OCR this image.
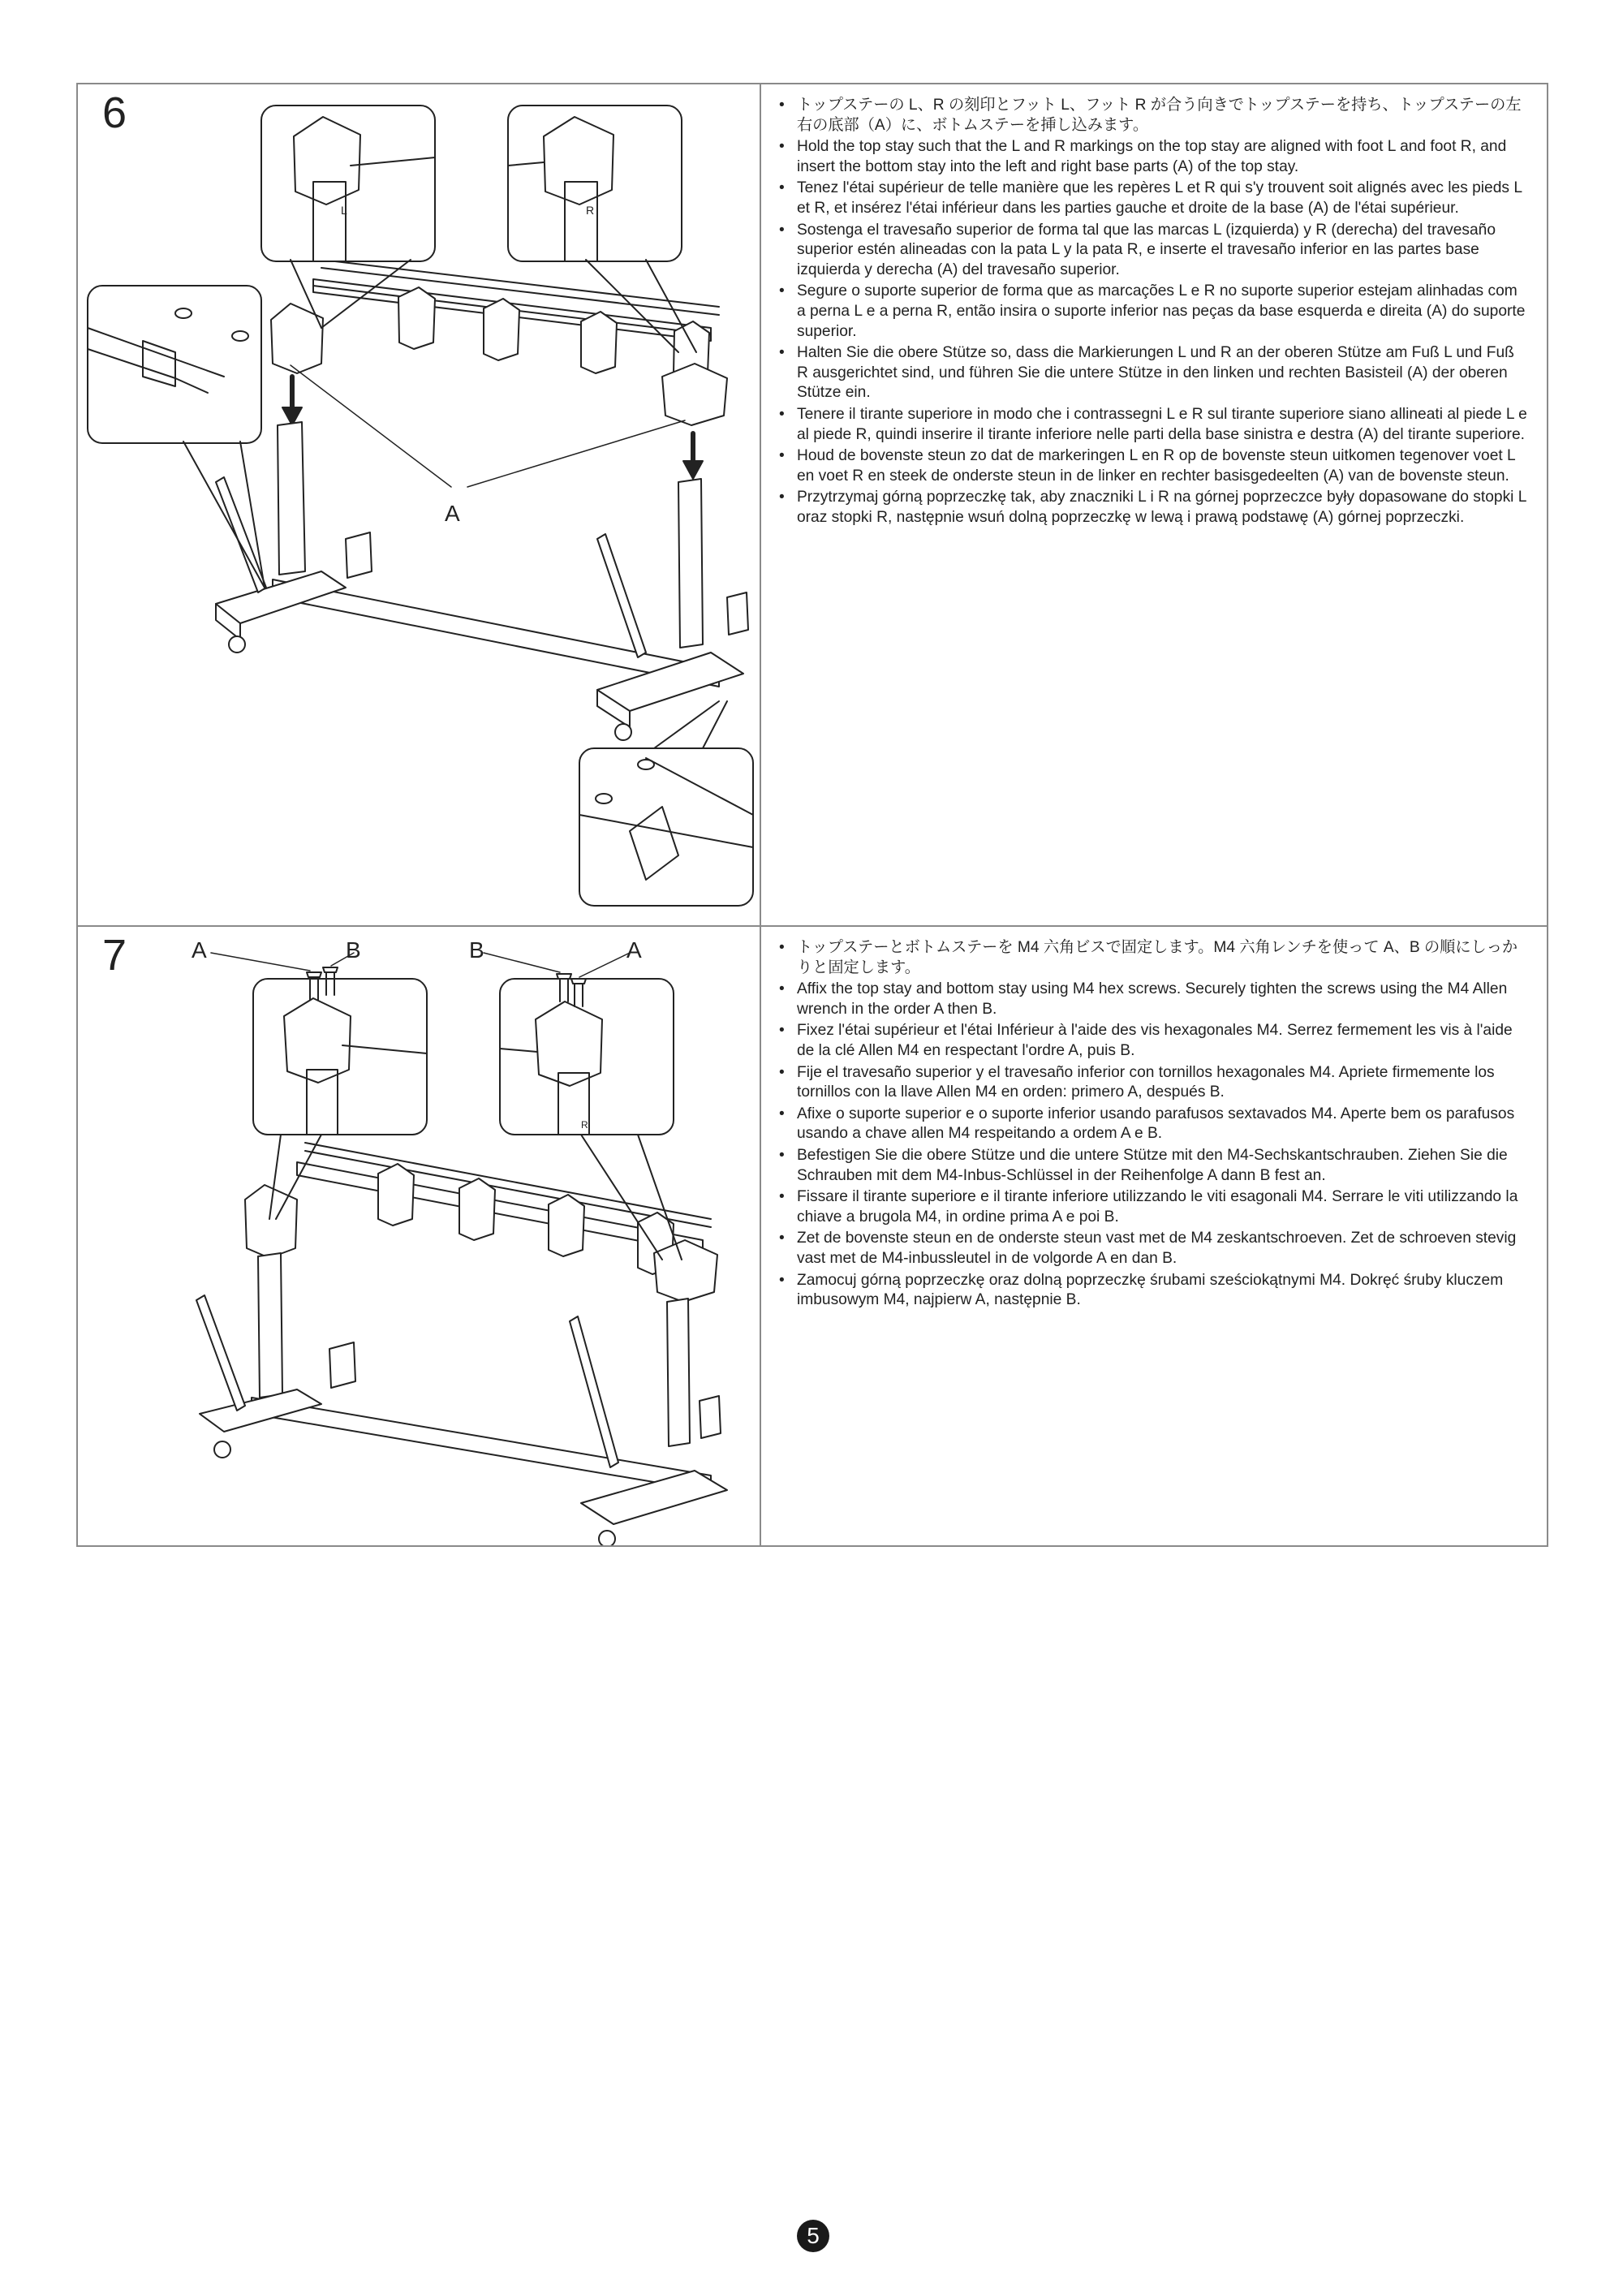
6
A
L	R
• トップステーの L、R の刻印とフット L、フット R が合う向きでトップステーを持ち、トップステーの左右の底部（A）に、ボトムステーを挿し込みます。
• Hold the top stay such that the L and R markings on the top stay are aligned with foot L and foot R, and insert the bottom stay into the left and right base parts (A) of the top stay.
• Tenez l'étai supérieur de telle manière que les repères L et R qui s'y trouvent soit alignés avec les pieds L et R, et insérez l'étai inférieur dans les parties gauche et droite de la base (A) de l'étai supérieur.
• Sostenga el travesaño superior de forma tal que las marcas L (izquierda) y R (derecha) del travesaño superior estén alineadas con la pata L y la pata R, e inserte el travesaño inferior en las partes base izquierda y derecha (A) del travesaño superior.
• Segure o suporte superior de forma que as marcações L e R no suporte superior estejam alinhadas com a perna L e a perna R, então insira o suporte inferior nas peças da base esquerda e direita (A) do suporte superior.
• Halten Sie die obere Stütze so, dass die Markierungen L und R an der oberen Stütze am Fuß L und Fuß R ausgerichtet sind, und führen Sie die untere Stütze in den linken und rechten Basisteil (A) der oberen Stütze ein.
• Tenere il tirante superiore in modo che i contrassegni L e R sul tirante superiore siano allineati al piede L e al piede R, quindi inserire il tirante inferiore nelle parti della base sinistra e destra (A) del tirante superiore.
• Houd de bovenste steun zo dat de markeringen L en R op de bovenste steun uitkomen tegenover voet L en voet R en steek de onderste steun in de linker en rechter basisgedeelten (A) van de bovenste steun.
• Przytrzymaj górną poprzeczkę tak, aby znaczniki L i R na górnej poprzeczce były dopasowane do stopki L oraz stopki R, następnie wsuń dolną poprzeczkę w lewą i prawą podstawę (A) górnej poprzeczki.
7	A	B	B	A
R
• トップステーとボトムステーを M4 六角ビスで固定します。M4 六角レンチを使って A、B の順にしっかりと固定します。
• Affix the top stay and bottom stay using M4 hex screws. Securely tighten the screws using the M4 Allen wrench in the order A then B.
• Fixez l'étai supérieur et l'étai Inférieur à l'aide des vis hexagonales M4. Serrez fermement les vis à l'aide de la clé Allen M4 en respectant l'ordre A, puis B.
• Fije el travesaño superior y el travesaño inferior con tornillos hexagonales M4. Apriete firmemente los tornillos con la llave Allen M4 en orden: primero A, después B.
• Afixe o suporte superior e o suporte inferior usando parafusos sextavados M4. Aperte bem os parafusos usando a chave allen M4 respeitando a ordem A e B.
• Befestigen Sie die obere Stütze und die untere Stütze mit den M4-Sechskantschrauben. Ziehen Sie die Schrauben mit dem M4-Inbus-Schlüssel in der Reihenfolge A dann B fest an.
• Fissare il tirante superiore e il tirante inferiore utilizzando le viti esagonali M4. Serrare le viti utilizzando la chiave a brugola M4, in ordine prima A e poi B.
• Zet de bovenste steun en de onderste steun vast met de M4 zeskantschroeven. Zet de schroeven stevig vast met de M4-inbussleutel in de volgorde A en dan B.
• Zamocuj górną poprzeczkę oraz dolną poprzeczkę śrubami sześciokątnymi M4. Dokręć śruby kluczem imbusowym M4, najpierw A, następnie B.
5
